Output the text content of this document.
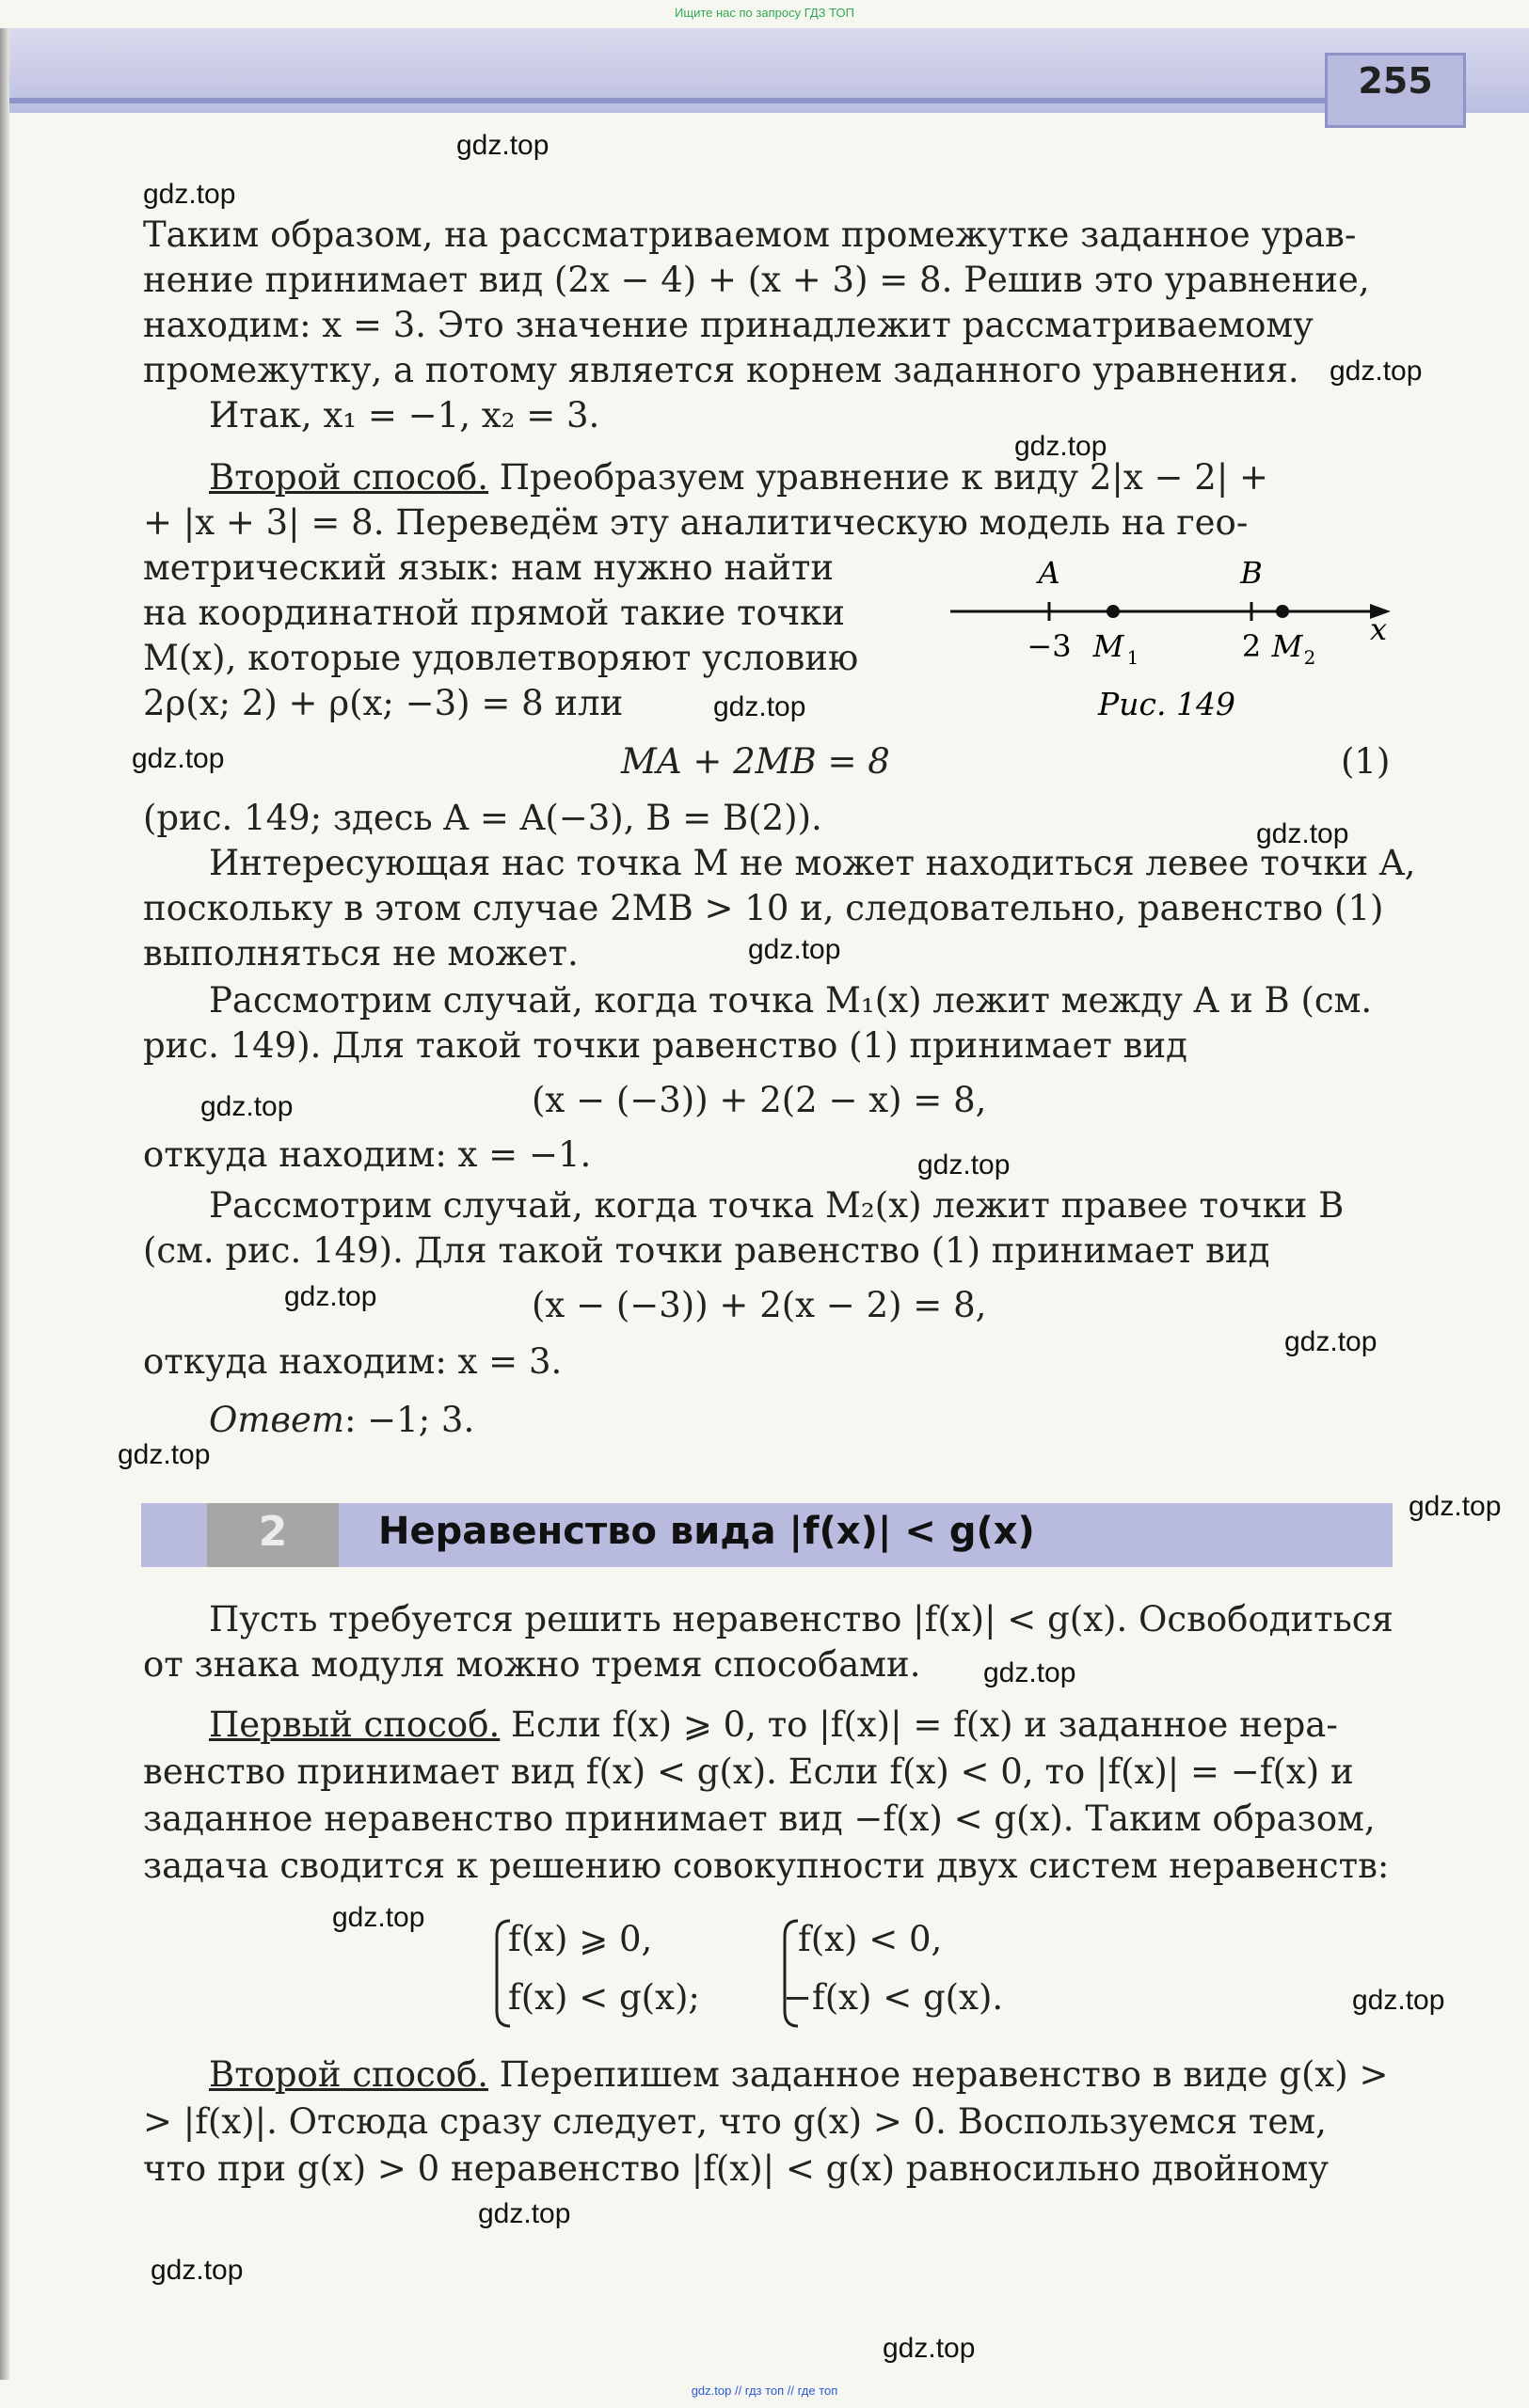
Ищите нас по запросу ГДЗ ТОП
255
gdz.top
gdz.top
gdz.top
gdz.top
gdz.top
gdz.top
gdz.top
gdz.top
gdz.top
gdz.top
gdz.top
gdz.top
gdz.top
gdz.top
gdz.top
gdz.top
gdz.top
gdz.top
gdz.top
gdz.top
Таким образом, на рассматриваемом промежутке заданное урав-
нение принимает вид (2x − 4) + (x + 3) = 8. Решив это уравнение,
находим: x = 3. Это значение принадлежит рассматриваемому
промежутку, а потому является корнем заданного уравнения.
Итак, x₁ = −1, x₂ = 3.
Второй способ. Преобразуем уравнение к виду 2|x − 2| +
+ |x + 3| = 8. Переведём эту аналитическую модель на гео-
метрический язык: нам нужно найти
на координатной прямой такие точки
M(x), которые удовлетворяют условию
2ρ(x; 2) + ρ(x; −3) = 8 или
A	B
−3 M 1	2 M 2
x
Рис. 149
MA + 2MB = 8	(1)
(рис. 149; здесь A = A(−3), B = B(2)).
Интересующая нас точка M не может находиться левее точки A,
поскольку в этом случае 2MB > 10 и, следовательно, равенство (1)
выполняться не может.
Рассмотрим случай, когда точка M₁(x) лежит между A и B (см.
рис. 149). Для такой точки равенство (1) принимает вид
(x − (−3)) + 2(2 − x) = 8,
откуда находим: x = −1.
Рассмотрим случай, когда точка M₂(x) лежит правее точки B
(см. рис. 149). Для такой точки равенство (1) принимает вид
(x − (−3)) + 2(x − 2) = 8,
откуда находим: x = 3.
Ответ: −1; 3.
2	Неравенство вида |f(x)| < g(x)
Пусть требуется решить неравенство |f(x)| < g(x). Освободиться
от знака модуля можно тремя способами.
Первый способ. Если f(x) ⩾ 0, то |f(x)| = f(x) и заданное нера-
венство принимает вид f(x) < g(x). Если f(x) < 0, то |f(x)| = −f(x) и
заданное неравенство принимает вид −f(x) < g(x). Таким образом,
задача сводится к решению совокупности двух систем неравенств:
f(x) ⩾ 0,
f(x) < g(x);
f(x) < 0,
−f(x) < g(x).
Второй способ. Перепишем заданное неравенство в виде g(x) >
> |f(x)|. Отсюда сразу следует, что g(x) > 0. Воспользуемся тем,
что при g(x) > 0 неравенство |f(x)| < g(x) равносильно двойному
gdz.top // гдз топ // где топ
